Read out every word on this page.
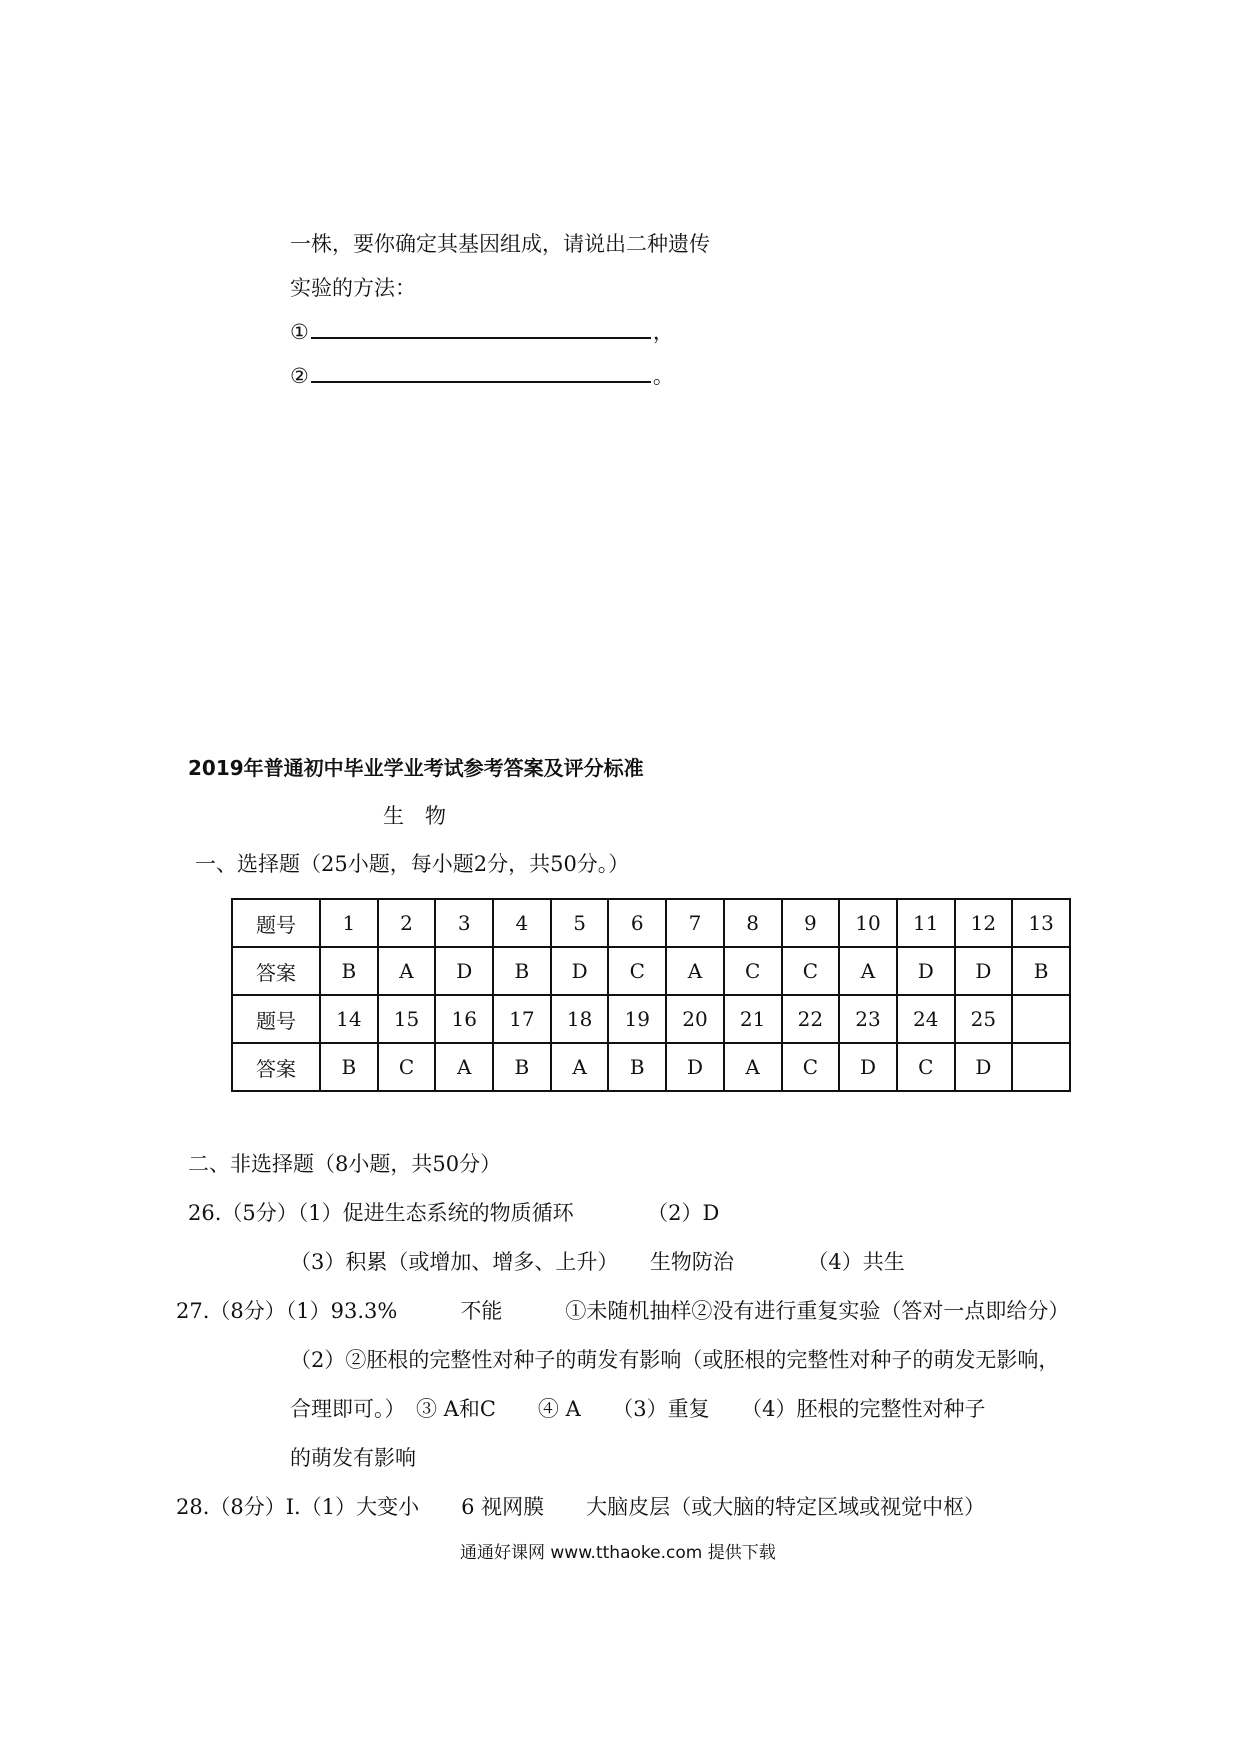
一株，要你确定其基因组成，请说出二种遗传
实验的方法：
①	，
②	。
2019年普通初中毕业学业考试参考答案及评分标准
生　物
一、选择题（25小题，每小题2分，共50分。）
题号	1	2	3	4	5	6	7	8	9	10	11	12	13
答案	B	A	D	B	D	C	A	C	C	A	D	D	B
题号	14	15	16	17	18	19	20	21	22	23	24	25	
答案	B	C	A	B	A	B	D	A	C	D	C	D	
二、非选择题（8小题，共50分）
26.（5分）（1）促进生态系统的物质循环　　　　（2）D
（3）积累（或增加、增多、上升）　　生物防治　　　　（4）共生
27.（8分）（1）93.3%　　　不能　　　①未随机抽样②没有进行重复实验（答对一点即给分）
（2）②胚根的完整性对种子的萌发有影响（或胚根的完整性对种子的萌发无影响，
合理即可。）　③ A和C　　④ A　　（3）重复　　（4）胚根的完整性对种子
的萌发有影响
28.（8分）Ⅰ.（1）大变小　　6 视网膜　　大脑皮层（或大脑的特定区域或视觉中枢）
通通好课网 www.tthaoke.com 提供下载
